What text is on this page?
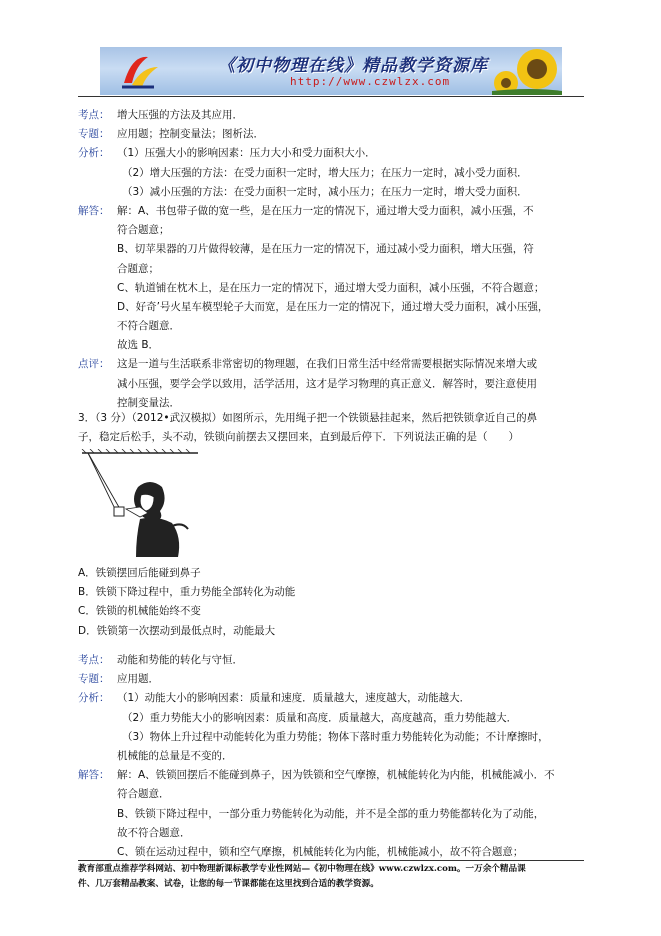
《初中物理在线》精品教学资源库
http://www.czwlzx.com
考点： 增大压强的方法及其应用．
专题： 应用题；控制变量法；图析法．
分析： （1）压强大小的影响因素：压力大小和受力面积大小．
（2）增大压强的方法：在受力面积一定时，增大压力；在压力一定时，减小受力面积．
（3）减小压强的方法：在受力面积一定时，减小压力；在压力一定时，增大受力面积．
解答： 解：A、书包带子做的宽一些，是在压力一定的情况下，通过增大受力面积，减小压强，不
符合题意；
B、切苹果器的刀片做得较薄，是在压力一定的情况下，通过减小受力面积，增大压强，符
合题意；
C、轨道铺在枕木上，是在压力一定的情况下，通过增大受力面积，减小压强，不符合题意；
D、好奇’号火星车模型轮子大而宽，是在压力一定的情况下，通过增大受力面积，减小压强，
不符合题意．
故选 B．
点评： 这是一道与生活联系非常密切的物理题，在我们日常生活中经常需要根据实际情况来增大或
减小压强，要学会学以致用，活学活用，这才是学习物理的真正意义．解答时，要注意使用
控制变量法．
3．（3 分）（2012•武汉模拟）如图所示，先用绳子把一个铁锁悬挂起来，然后把铁锁拿近自己的鼻
子，稳定后松手，头不动，铁锁向前摆去又摆回来，直到最后停下．下列说法正确的是（　　）
A．铁锁摆回后能碰到鼻子
B．铁锁下降过程中，重力势能全部转化为动能
C．铁锁的机械能始终不变
D．铁锁第一次摆动到最低点时，动能最大
考点： 动能和势能的转化与守恒．
专题： 应用题．
分析： （1）动能大小的影响因素：质量和速度．质量越大，速度越大，动能越大．
（2）重力势能大小的影响因素：质量和高度．质量越大，高度越高，重力势能越大．
（3）物体上升过程中动能转化为重力势能；物体下落时重力势能转化为动能；不计摩擦时，
机械能的总量是不变的．
解答： 解：A、铁锁回摆后不能碰到鼻子，因为铁锁和空气摩擦，机械能转化为内能，机械能减小．不
符合题意．
B、铁锁下降过程中，一部分重力势能转化为动能，并不是全部的重力势能都转化为了动能，
故不符合题意．
C、锁在运动过程中，锁和空气摩擦，机械能转化为内能，机械能减小，故不符合题意；
教育部重点推荐学科网站、初中物理新课标教学专业性网站—《初中物理在线》www.czwlzx.com。一万余个精品课
件、几万套精品教案、试卷，让您的每一节课都能在这里找到合适的教学资源。
